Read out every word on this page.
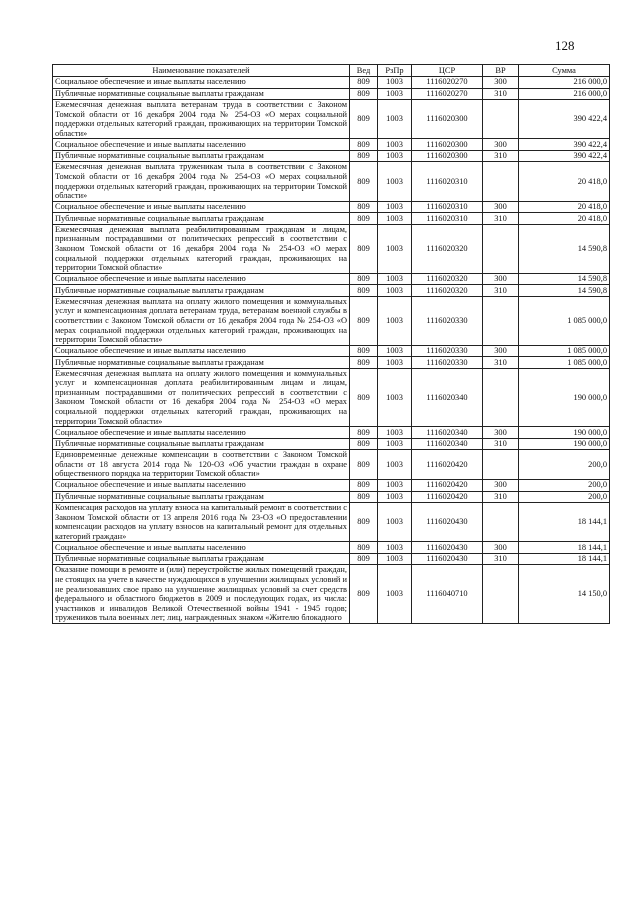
128
Наименование показателей	Вед	РзПр	ЦСР	ВР	Сумма
Социальное обеспечение и иные выплаты населению	809	1003	1116020270	300	216 000,0
Публичные нормативные социальные выплаты гражданам	809	1003	1116020270	310	216 000,0
Ежемесячная денежная выплата ветеранам труда в соответствии с Законом Томской области от 16 декабря 2004 года № 254-ОЗ «О мерах социальной поддержки отдельных категорий граждан, проживающих на территории Томской области»	809	1003	1116020300		390 422,4
Социальное обеспечение и иные выплаты населению	809	1003	1116020300	300	390 422,4
Публичные нормативные социальные выплаты гражданам	809	1003	1116020300	310	390 422,4
Ежемесячная денежная выплата труженикам тыла в соответствии с Законом Томской области от 16 декабря 2004 года № 254-ОЗ «О мерах социальной поддержки отдельных категорий граждан, проживающих на территории Томской области»	809	1003	1116020310		20 418,0
Социальное обеспечение и иные выплаты населению	809	1003	1116020310	300	20 418,0
Публичные нормативные социальные выплаты гражданам	809	1003	1116020310	310	20 418,0
Ежемесячная денежная выплата реабилитированным гражданам и лицам, признанным пострадавшими от политических репрессий в соответствии с Законом Томской области от 16 декабря 2004 года № 254-ОЗ «О мерах социальной поддержки отдельных категорий граждан, проживающих на территории Томской области»	809	1003	1116020320		14 590,8
Социальное обеспечение и иные выплаты населению	809	1003	1116020320	300	14 590,8
Публичные нормативные социальные выплаты гражданам	809	1003	1116020320	310	14 590,8
Ежемесячная денежная выплата на оплату жилого помещения и коммунальных услуг и компенсационная доплата ветеранам труда, ветеранам военной службы в соответствии с Законом Томской области от 16 декабря 2004 года № 254-ОЗ «О мерах социальной поддержки отдельных категорий граждан, проживающих на территории Томской области»	809	1003	1116020330		1 085 000,0
Социальное обеспечение и иные выплаты населению	809	1003	1116020330	300	1 085 000,0
Публичные нормативные социальные выплаты гражданам	809	1003	1116020330	310	1 085 000,0
Ежемесячная денежная выплата на оплату жилого помещения и коммунальных услуг и компенсационная доплата реабилитированным лицам и лицам, признанным пострадавшими от политических репрессий в соответствии с Законом Томской области от 16 декабря 2004 года № 254-ОЗ «О мерах социальной поддержки отдельных категорий граждан, проживающих на территории Томской области»	809	1003	1116020340		190 000,0
Социальное обеспечение и иные выплаты населению	809	1003	1116020340	300	190 000,0
Публичные нормативные социальные выплаты гражданам	809	1003	1116020340	310	190 000,0
Единовременные денежные компенсации в соответствии с Законом Томской области от 18 августа 2014 года № 120-ОЗ «Об участии граждан в охране общественного порядка на территории Томской области»	809	1003	1116020420		200,0
Социальное обеспечение и иные выплаты населению	809	1003	1116020420	300	200,0
Публичные нормативные социальные выплаты гражданам	809	1003	1116020420	310	200,0
Компенсация расходов на уплату взноса на капитальный ремонт в соответствии с Законом Томской области от 13 апреля 2016 года № 23-ОЗ «О предоставлении компенсации расходов на уплату взносов на капитальный ремонт для отдельных категорий граждан»	809	1003	1116020430		18 144,1
Социальное обеспечение и иные выплаты населению	809	1003	1116020430	300	18 144,1
Публичные нормативные социальные выплаты гражданам	809	1003	1116020430	310	18 144,1
Оказание помощи в ремонте и (или) переустройстве жилых помещений граждан, не стоящих на учете в качестве нуждающихся в улучшении жилищных условий и не реализовавших свое право на улучшение жилищных условий за счет средств федерального и областного бюджетов в 2009 и последующих годах, из числа: участников и инвалидов Великой Отечественной войны 1941 - 1945 годов; тружеников тыла военных лет; лиц, награжденных знаком «Жителю блокадного	809	1003	1116040710		14 150,0
